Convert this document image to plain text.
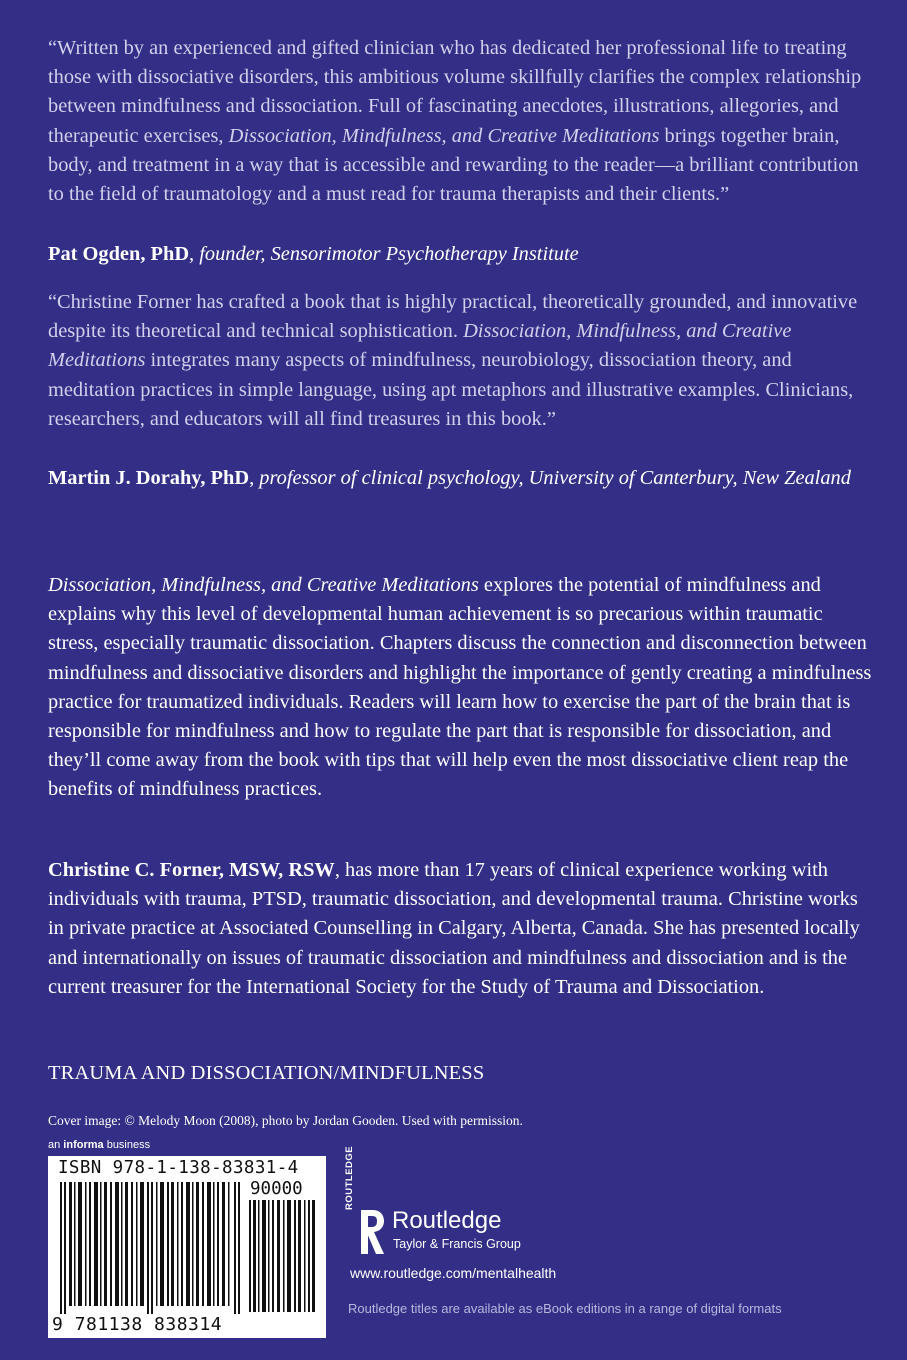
“Written by an experienced and gifted clinician who has dedicated her professional life to treating those with dissociative disorders, this ambitious volume skillfully clarifies the complex relationship between mindfulness and dissociation. Full of fascinating anecdotes, illustrations, allegories, and therapeutic exercises, Dissociation, Mindfulness, and Creative Meditations brings together brain, body, and treatment in a way that is accessible and rewarding to the reader—a brilliant contribution to the field of traumatology and a must read for trauma therapists and their clients.”

Pat Ogden, PhD, founder, Sensorimotor Psychotherapy Institute

“Christine Forner has crafted a book that is highly practical, theoretically grounded, and innovative despite its theoretical and technical sophistication. Dissociation, Mindfulness, and Creative Meditations integrates many aspects of mindfulness, neurobiology, dissociation theory, and meditation practices in simple language, using apt metaphors and illustrative examples. Clinicians, researchers, and educators will all find treasures in this book.”

Martin J. Dorahy, PhD, professor of clinical psychology, University of Canterbury, New Zealand

Dissociation, Mindfulness, and Creative Meditations explores the potential of mindfulness and explains why this level of developmental human achievement is so precarious within traumatic stress, especially traumatic dissociation. Chapters discuss the connection and disconnection between mindfulness and dissociative disorders and highlight the importance of gently creating a mindfulness practice for traumatized individuals. Readers will learn how to exercise the part of the brain that is responsible for mindfulness and how to regulate the part that is responsible for dissociation, and they’ll come away from the book with tips that will help even the most dissociative client reap the benefits of mindfulness practices.

Christine C. Forner, MSW, RSW, has more than 17 years of clinical experience working with individuals with trauma, PTSD, traumatic dissociation, and developmental trauma. Christine works in private practice at Associated Counselling in Calgary, Alberta, Canada. She has presented locally and internationally on issues of traumatic dissociation and mindfulness and dissociation and is the current treasurer for the International Society for the Study of Trauma and Dissociation.

TRAUMA AND DISSOCIATION/MINDFULNESS

Cover image: © Melody Moon (2008), photo by Jordan Gooden. Used with permission.

an informa business
ISBN 978-1-138-83831-4
90000
9 781138 838314
ROUTLEDGE
Routledge
Taylor & Francis Group
www.routledge.com/mentalhealth
Routledge titles are available as eBook editions in a range of digital formats
